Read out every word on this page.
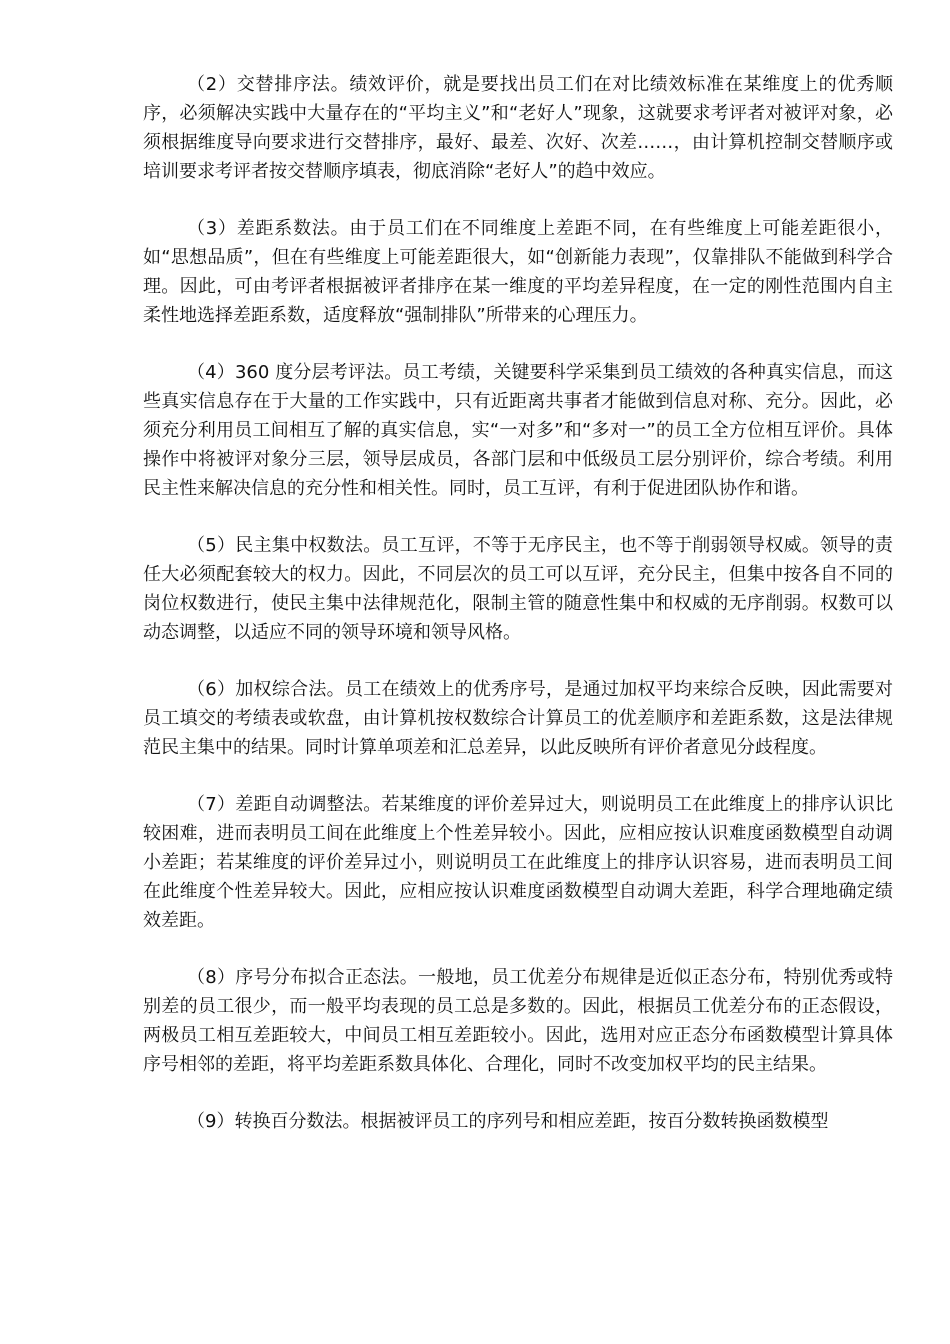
（2）交替排序法。绩效评价，就是要找出员工们在对比绩效标准在某维度上的优秀顺序，必须解决实践中大量存在的“平均主义”和“老好人”现象，这就要求考评者对被评对象，必须根据维度导向要求进行交替排序，最好、最差、次好、次差……，由计算机控制交替顺序或培训要求考评者按交替顺序填表，彻底消除“老好人”的趋中效应。

（3）差距系数法。由于员工们在不同维度上差距不同，在有些维度上可能差距很小，如“思想品质”，但在有些维度上可能差距很大，如“创新能力表现”，仅靠排队不能做到科学合理。因此，可由考评者根据被评者排序在某一维度的平均差异程度，在一定的刚性范围内自主柔性地选择差距系数，适度释放“强制排队”所带来的心理压力。

（4）360 度分层考评法。员工考绩，关键要科学采集到员工绩效的各种真实信息，而这些真实信息存在于大量的工作实践中，只有近距离共事者才能做到信息对称、充分。因此，必须充分利用员工间相互了解的真实信息，实“一对多”和“多对一”的员工全方位相互评价。具体操作中将被评对象分三层，领导层成员，各部门层和中低级员工层分别评价，综合考绩。利用民主性来解决信息的充分性和相关性。同时，员工互评，有利于促进团队协作和谐。

（5）民主集中权数法。员工互评，不等于无序民主，也不等于削弱领导权威。领导的责任大必须配套较大的权力。因此，不同层次的员工可以互评，充分民主，但集中按各自不同的岗位权数进行，使民主集中法律规范化，限制主管的随意性集中和权威的无序削弱。权数可以动态调整，以适应不同的领导环境和领导风格。

（6）加权综合法。员工在绩效上的优秀序号，是通过加权平均来综合反映，因此需要对员工填交的考绩表或软盘，由计算机按权数综合计算员工的优差顺序和差距系数，这是法律规范民主集中的结果。同时计算单项差和汇总差异，以此反映所有评价者意见分歧程度。

（7）差距自动调整法。若某维度的评价差异过大，则说明员工在此维度上的排序认识比较困难，进而表明员工间在此维度上个性差异较小。因此，应相应按认识难度函数模型自动调小差距；若某维度的评价差异过小，则说明员工在此维度上的排序认识容易，进而表明员工间在此维度个性差异较大。因此，应相应按认识难度函数模型自动调大差距，科学合理地确定绩效差距。

（8）序号分布拟合正态法。一般地，员工优差分布规律是近似正态分布，特别优秀或特别差的员工很少，而一般平均表现的员工总是多数的。因此，根据员工优差分布的正态假设，两极员工相互差距较大，中间员工相互差距较小。因此，选用对应正态分布函数模型计算具体序号相邻的差距，将平均差距系数具体化、合理化，同时不改变加权平均的民主结果。

（9）转换百分数法。根据被评员工的序列号和相应差距，按百分数转换函数模型
